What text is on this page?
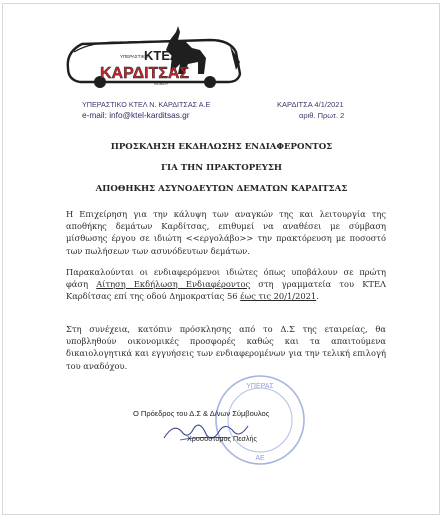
ΥΠΕΡΑΣΤΙΚΟ
ΚΤΕΛ
ΚΑΡΔΙΤΣΑΣ
ΝΟΜΟΥ
ΥΠΕΡΑΣΤΙΚΟ ΚΤΕΛ Ν. ΚΑΡΔΙΤΣΑΣ Α.Ε
e-mail: info@ktel-karditsas.gr
ΚΑΡΔΙΤΣΑ 4/1/2021
αριθ. Πρωτ. 2
ΠΡΟΣΚΛΗΣΗ ΕΚΔΗΛΩΣΗΣ ΕΝΔΙΑΦΕΡΟΝΤΟΣ
ΓΙΑ ΤΗΝ ΠΡΑΚΤΟΡΕΥΣΗ
ΑΠΟΘΗΚΗΣ ΑΣΥΝΟΔΕΥΤΩΝ ΔΕΜΑΤΩΝ ΚΑΡΔΙΤΣΑΣ
Η Επιχείρηση για την κάλυψη των αναγκών της και λειτουργία της αποθήκης δεμάτων Καρδίτσας, επιθυμεί να αναθέσει με σύμβαση μίσθωσης έργου σε ιδιώτη <<εργολάβο>> την πρακτόρευση με ποσοστό των πωλήσεων των ασυνόδευτων δεμάτων.
Παρακαλούνται οι ενδιαφερόμενοι ιδιώτες όπως υποβάλουν σε πρώτη φάση Αίτηση Εκδήλωση Ενδιαφέροντος στη γραμματεία του ΚΤΕΛ Καρδίτσας επί της οδού Δημοκρατίας 56 έως τις 20/1/2021.
Στη συνέχεια, κατόπιν πρόσκλησης από το Δ.Σ της εταιρείας, θα υποβληθούν οικονομικές προσφορές καθώς και τα απαιτούμενα δικαιολογητικά και εγγυήσεις των ενδιαφερομένων για την τελική επιλογή του αναδόχου.
ΥΠΕΡΑΣ
ΑΕ
Ο Πρόεδρος του Δ.Σ & Δ/νων Σύμβουλος
Χρυσόστομος Πεσλής
